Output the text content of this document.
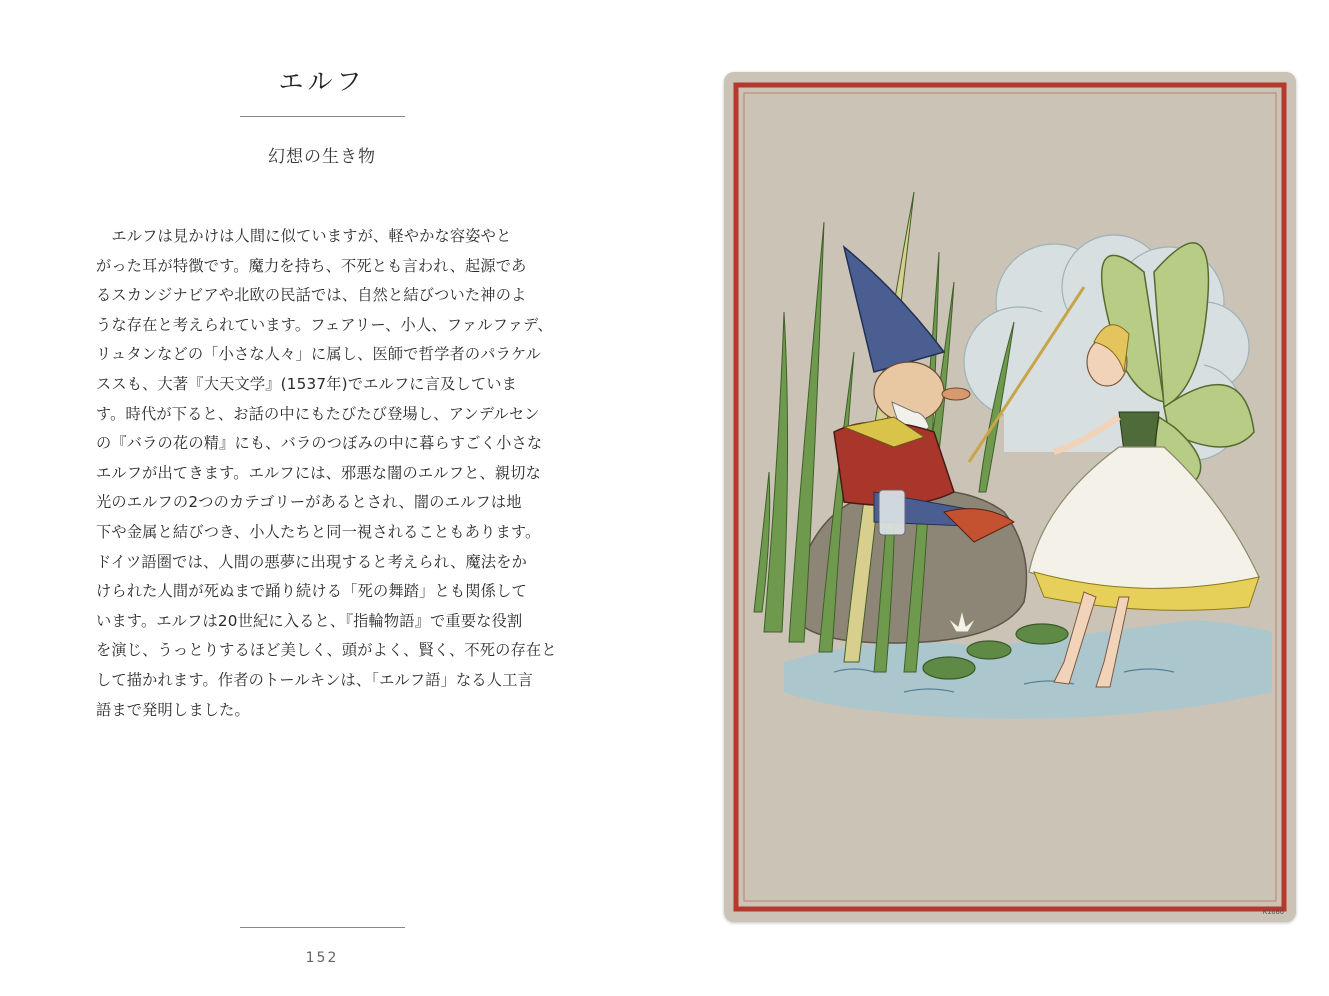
エルフ
幻想の生き物
　エルフは見かけは人間に似ていますが、軽やかな容姿やと
がった耳が特徴です。魔力を持ち、不死とも言われ、起源であ
るスカンジナビアや北欧の民話では、自然と結びついた神のよ
うな存在と考えられています。フェアリー、小人、ファルファデ、
リュタンなどの「小さな人々」に属し、医師で哲学者のパラケル
ススも、大著『大天文学』(1537年)でエルフに言及していま
す。時代が下ると、お話の中にもたびたび登場し、アンデルセン
の『バラの花の精』にも、バラのつぼみの中に暮らすごく小さな
エルフが出てきます。エルフには、邪悪な闇のエルフと、親切な
光のエルフの2つのカテゴリーがあるとされ、闇のエルフは地
下や金属と結びつき、小人たちと同一視されることもあります。
ドイツ語圏では、人間の悪夢に出現すると考えられ、魔法をか
けられた人間が死ぬまで踊り続ける「死の舞踏」とも関係して
います。エルフは20世紀に入ると、『指輪物語』で重要な役割
を演じ、うっとりするほど美しく、頭がよく、賢く、不死の存在と
して描かれます。作者のトールキンは、「エルフ語」なる人工言
語まで発明しました。
152
K1686
